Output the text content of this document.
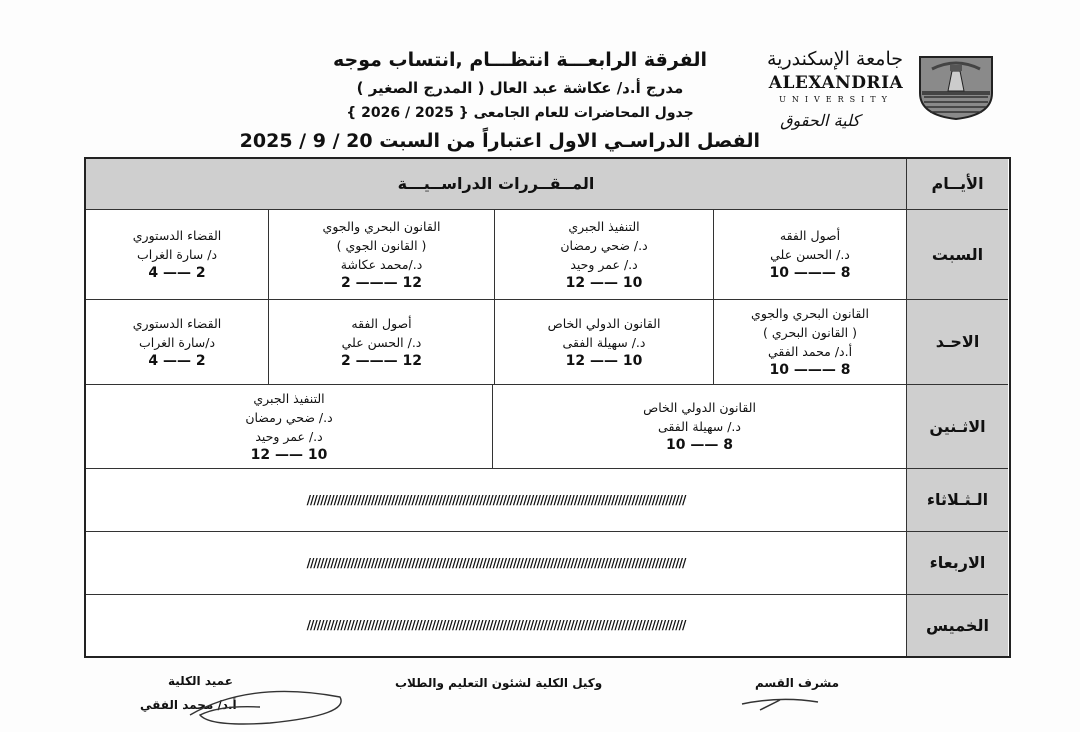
الفرقة الرابعـــة انتظـــام ,انتساب موجه
مدرج أ.د/ عكاشة عبد العال ( المدرج الصغير )
جدول المحاضرات للعام الجامعى { 2025 / 2026 }
الفصل الدراسـي الاول اعتباراً من السبت 20 / 9 / 2025
جامعة الإسكندرية
ALEXANDRIA
UNIVERSITY
كلية الحقوق
الأيــام
المــقــررات الدراســيـــة
السبت
أصول الفقه
د./ الحسن علي
10 ——— 8
التنفيذ الجبري
د./ ضحي رمضان
د./ عمر وحيد
12 —— 10
القانون البحري والجوي
( القانون الجوي )
د./محمد عكاشة
2 ——— 12
القضاء الدستوري
د/ سارة الغراب
4 —— 2
الاحـد
القانون البحري والجوي
( القانون البحري )
أ.د/ محمد الفقي
10 ——— 8
القانون الدولي الخاص
د./ سهيلة الفقى
12 —— 10
أصول الفقه
د./ الحسن علي
2 ——— 12
القضاء الدستوري
د/سارة الغراب
4 —— 2
الاثـنين
القانون الدولي الخاص
د./ سهيلة الفقى
10 —— 8
التنفيذ الجبري
د./ ضحي رمضان
د./ عمر وحيد
12 —— 10
الـثـلاثاء
////////////////////////////////////////////////////////////////////////////////////////////////////////////////
الاربعاء
////////////////////////////////////////////////////////////////////////////////////////////////////////////////
الخميس
////////////////////////////////////////////////////////////////////////////////////////////////////////////////
مشرف القسم
وكيل الكلية لشئون التعليم والطلاب
عميد الكلية
أ.د/ محمد الفقي
